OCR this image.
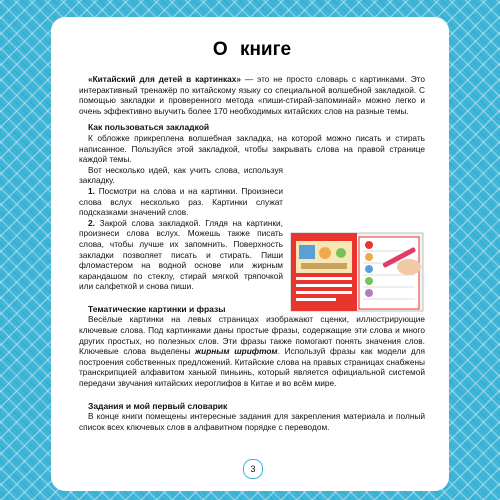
О книге

«Китайский для детей в картинках» — это не просто словарь с картинками. Это интерактивный тренажёр по китайскому языку со специальной волшебной закладкой. С помощью закладки и проверенного метода «пиши-стирай-запоминай» можно легко и очень эффективно выучить более 170 необходимых китайских слов на разные темы.

Как пользоваться закладкой

К обложке прикреплена волшебная закладка, на которой можно писать и стирать написанное. Пользуйся этой закладкой, чтобы закрывать слова на правой странице каждой темы.

Вот несколько идей, как учить слова, используя закладку.

1. Посмотри на слова и на картинки. Произнеси слова вслух несколько раз. Картинки служат подсказками значений слов.

2. Закрой слова закладкой. Глядя на картинки, произнеси слова вслух. Можешь также писать слова, чтобы лучше их запомнить. Поверхность закладки позволяет писать и стирать. Пиши фломастером на водной основе или жирным карандашом по стеклу, стирай мягкой тряпочкой или салфеткой и снова пиши.

Тематические картинки и фразы

Весёлые картинки на левых страницах изображают сценки, иллюстрирующие ключевые слова. Под картинками даны простые фразы, содержащие эти слова и много других простых, но полезных слов. Эти фразы также помогают понять значения слов. Ключевые слова выделены жирным шрифтом. Используй фразы как модели для построения собственных предложений. Китайские слова на правых страницах снабжены транскрипцией алфавитом ханьюй пиньинь, который является официальной системой передачи звучания китайских иероглифов в Китае и во всём мире.

Задания и мой первый словарик

В конце книги помещены интересные задания для закрепления материала и полный список всех ключевых слов в алфавитном порядке с переводом.

3
